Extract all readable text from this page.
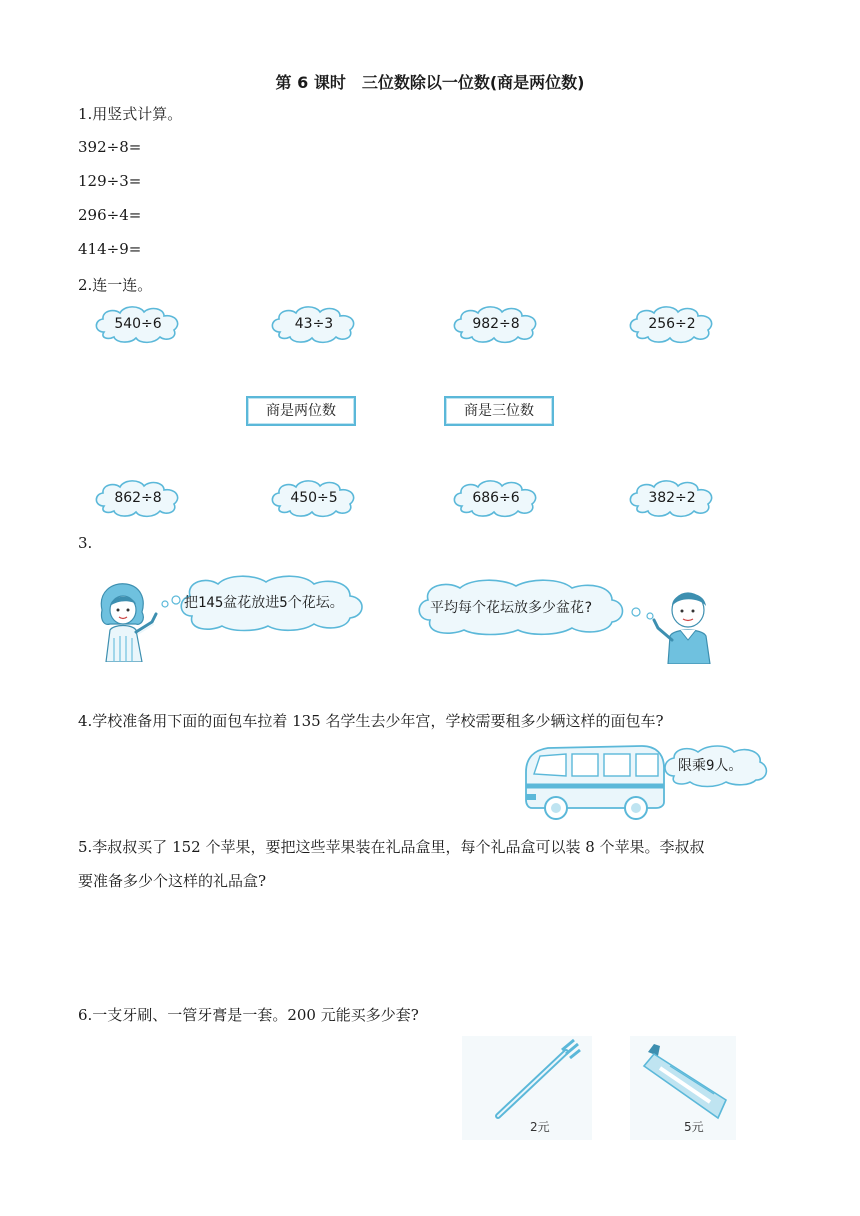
第 6 课时　三位数除以一位数(商是两位数)
1.用竖式计算。
392÷8=
129÷3=
296÷4=
414÷9=
2.连一连。
540÷6	43÷3	982÷8	256÷2
商是两位数	商是三位数
862÷8	450÷5	686÷6	382÷2
3.
把145盆花放进5个花坛。	平均每个花坛放多少盆花?
4.学校准备用下面的面包车拉着 135 名学生去少年宫，学校需要租多少辆这样的面包车?
限乘9人。
5.李叔叔买了 152 个苹果，要把这些苹果装在礼品盒里，每个礼品盒可以装 8 个苹果。李叔叔
要准备多少个这样的礼品盒?
6.一支牙刷、一管牙膏是一套。200 元能买多少套?
2元	5元
